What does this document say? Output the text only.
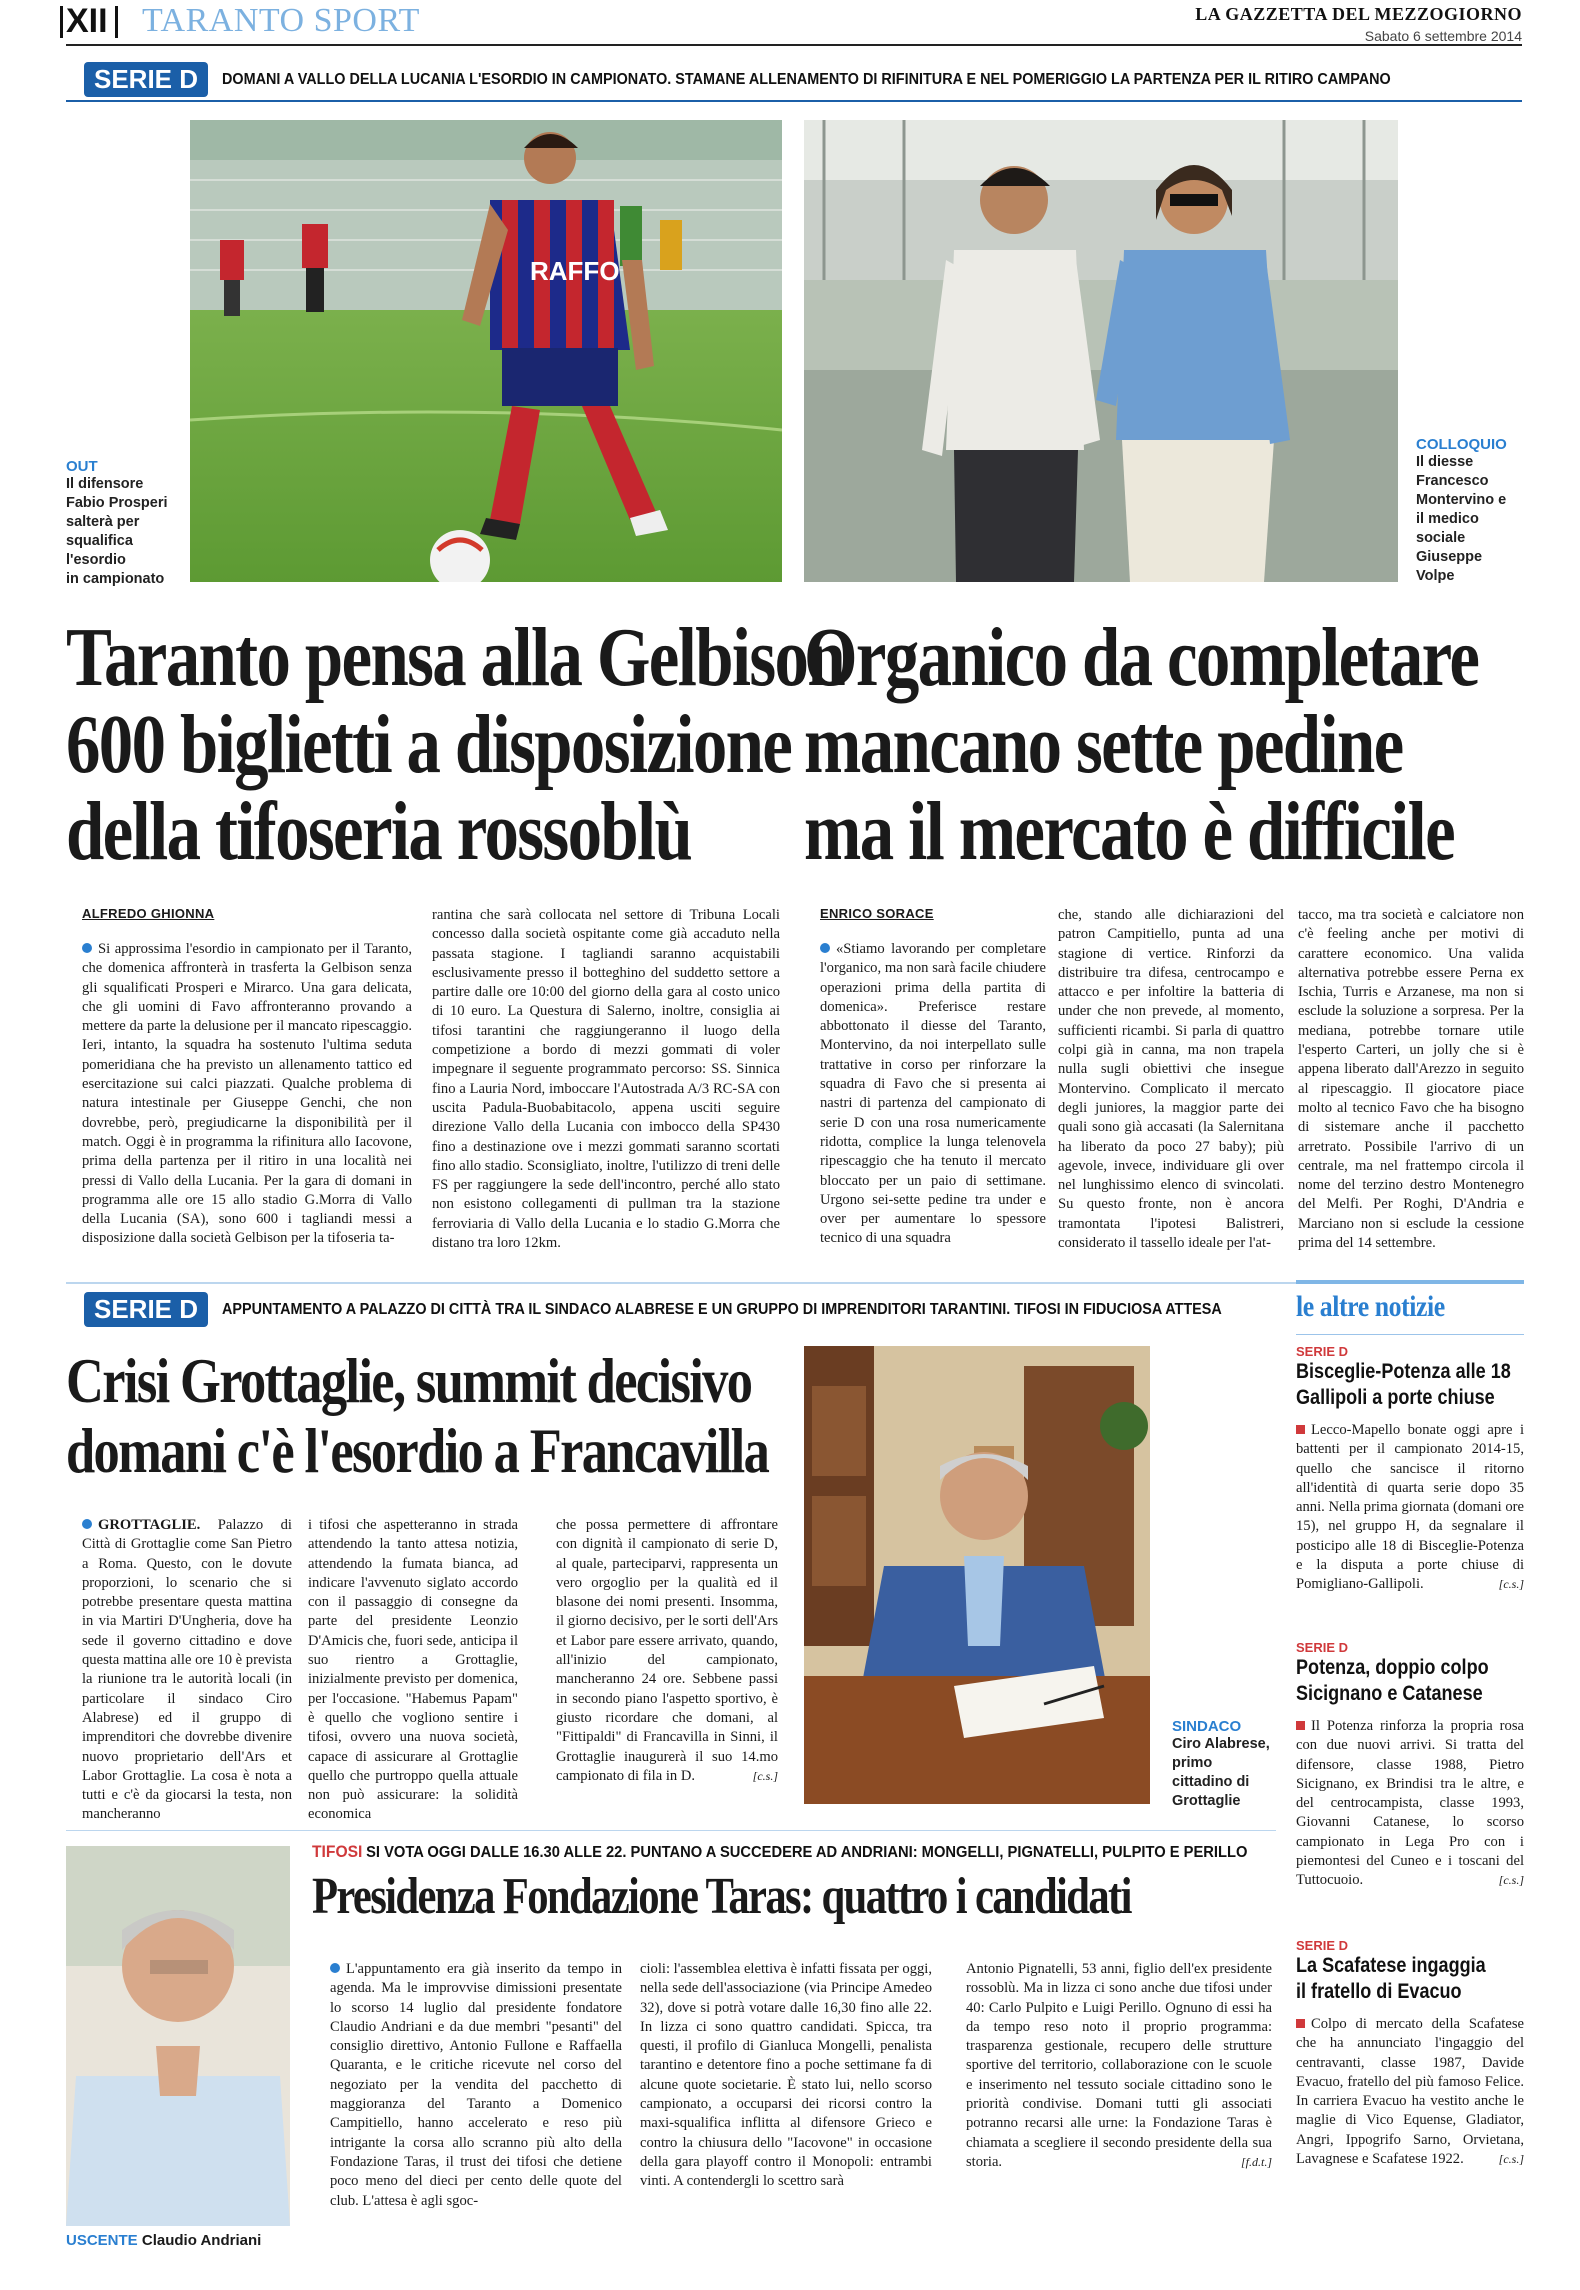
XII TARANTO SPORT	LA GAZZETTA DEL MEZZOGIORNO
Sabato 6 settembre 2014
SERIE D	DOMANI A VALLO DELLA LUCANIA L'ESORDIO IN CAMPIONATO. STAMANE ALLENAMENTO DI RIFINITURA E NEL POMERIGGIO LA PARTENZA PER IL RITIRO CAMPANO
RAFFO
OUT
Il difensore
Fabio Prosperi
salterà per
squalifica
l'esordio
in campionato
COLLOQUIO
Il diesse
Francesco
Montervino e
il medico
sociale
Giuseppe
Volpe
Taranto pensa alla Gelbison
600 biglietti a disposizione
della tifoseria rossoblù
Organico da completare
mancano sette pedine
ma il mercato è difficile
ALFREDO GHIONNA
Si approssima l'esordio in campionato per il Taranto, che domenica affronterà in trasferta la Gelbison senza gli squalificati Prosperi e Mirarco. Una gara delicata, che gli uomini di Favo affronteranno provando a mettere da parte la delusione per il mancato ripescaggio. Ieri, intanto, la squadra ha sostenuto l'ultima seduta pomeridiana che ha previsto un allenamento tattico ed esercitazione sui calci piazzati. Qualche problema di natura intestinale per Giuseppe Genchi, che non dovrebbe, però, pregiudicarne la disponibilità per il match. Oggi è in programma la rifinitura allo Iacovone, prima della partenza per il ritiro in una località nei pressi di Vallo della Lucania. Per la gara di domani in programma alle ore 15 allo stadio G.Morra di Vallo della Lucania (SA), sono 600 i tagliandi messi a disposizione dalla società Gelbison per la tifoseria ta-
rantina che sarà collocata nel settore di Tribuna Locali concesso dalla società ospitante come già accaduto nella passata stagione. I tagliandi saranno acquistabili esclusivamente presso il botteghino del suddetto settore a partire dalle ore 10:00 del giorno della gara al costo unico di 10 euro. La Questura di Salerno, inoltre, consiglia ai tifosi tarantini che raggiungeranno il luogo della competizione a bordo di mezzi gommati di voler impegnare il seguente programmato percorso: SS. Sinnica fino a Lauria Nord, imboccare l'Autostrada A/3 RC-SA con uscita Padula-Buobabitacolo, appena usciti seguire direzione Vallo della Lucania con imbocco della SP430 fino a destinazione ove i mezzi gommati saranno scortati fino allo stadio. Sconsigliato, inoltre, l'utilizzo di treni delle FS per raggiungere la sede dell'incontro, perché allo stato non esistono collegamenti di pullman tra la stazione ferroviaria di Vallo della Lucania e lo stadio G.Morra che distano tra loro 12km.
ENRICO SORACE
«Stiamo lavorando per completare l'organico, ma non sarà facile chiudere operazioni prima della partita di domenica». Preferisce restare abbottonato il diesse del Taranto, Montervino, da noi interpellato sulle trattative in corso per rinforzare la squadra di Favo che si presenta ai nastri di partenza del campionato di serie D con una rosa numericamente ridotta, complice la lunga telenovela ripescaggio che ha tenuto il mercato bloccato per un paio di settimane. Urgono sei-sette pedine tra under e over per aumentare lo spessore tecnico di una squadra
che, stando alle dichiarazioni del patron Campitiello, punta ad una stagione di vertice. Rinforzi da distribuire tra difesa, centrocampo e attacco e per infoltire la batteria di under che non prevede, al momento, sufficienti ricambi. Si parla di quattro colpi già in canna, ma non trapela nulla sugli obiettivi che insegue Montervino. Complicato il mercato degli juniores, la maggior parte dei quali sono già accasati (la Salernitana ha liberato da poco 27 baby); più agevole, invece, individuare gli over nel lunghissimo elenco di svincolati. Su questo fronte, non è ancora tramontata l'ipotesi Balistreri, considerato il tassello ideale per l'at-
tacco, ma tra società e calciatore non c'è feeling anche per motivi di carattere economico. Una valida alternativa potrebbe essere Perna ex Ischia, Turris e Arzanese, ma non si esclude la soluzione a sorpresa. Per la mediana, potrebbe tornare utile l'esperto Carteri, un jolly che si è appena liberato dall'Arezzo in seguito al ripescaggio. Il giocatore piace molto al tecnico Favo che ha bisogno di sistemare anche il pacchetto arretrato. Possibile l'arrivo di un centrale, ma nel frattempo circola il nome del terzino destro Montenegro del Melfi. Per Roghi, D'Andria e Marciano non si esclude la cessione prima del 14 settembre.
SERIE D	APPUNTAMENTO A PALAZZO DI CITTÀ TRA IL SINDACO ALABRESE E UN GRUPPO DI IMPRENDITORI TARANTINI. TIFOSI IN FIDUCIOSA ATTESA
Crisi Grottaglie, summit decisivo
domani c'è l'esordio a Francavilla
GROTTAGLIE. Palazzo di Città di Grottaglie come San Pietro a Roma. Questo, con le dovute proporzioni, lo scenario che si potrebbe presentare questa mattina in via Martiri D'Ungheria, dove ha sede il governo cittadino e dove questa mattina alle ore 10 è prevista la riunione tra le autorità locali (in particolare il sindaco Ciro Alabrese) ed il gruppo di imprenditori che dovrebbe divenire nuovo proprietario dell'Ars et Labor Grottaglie. La cosa è nota a tutti e c'è da giocarsi la testa, non mancheranno
i tifosi che aspetteranno in strada attendendo la tanto attesa notizia, attendendo la fumata bianca, ad indicare l'avvenuto siglato accordo con il passaggio di consegne da parte del presidente Leonzio D'Amicis che, fuori sede, anticipa il suo rientro a Grottaglie, inizialmente previsto per domenica, per l'occasione. "Habemus Papam" è quello che vogliono sentire i tifosi, ovvero una nuova società, capace di assicurare al Grottaglie quello che purtroppo quella attuale non può assicurare: la solidità economica
che possa permettere di affrontare con dignità il campionato di serie D, al quale, parteciparvi, rappresenta un vero orgoglio per la qualità ed il blasone dei nomi presenti. Insomma, il giorno decisivo, per le sorti dell'Ars et Labor pare essere arrivato, quando, all'inizio del campionato, mancheranno 24 ore. Sebbene passi in secondo piano l'aspetto sportivo, è giusto ricordare che domani, al "Fittipaldi" di Francavilla in Sinni, il Grottaglie inaugurerà il suo 14.mo campionato di fila in D.	[c.s.]
SINDACO
Ciro Alabrese,
primo
cittadino di
Grottaglie
le altre notizie
SERIE D
Bisceglie-Potenza alle 18
Gallipoli a porte chiuse
Lecco-Mapello bonate oggi apre i battenti per il campionato 2014-15, quello che sancisce il ritorno all'identità di quarta serie dopo 35 anni. Nella prima giornata (domani ore 15), nel gruppo H, da segnalare il posticipo alle 18 di Bisceglie-Potenza e la disputa a porte chiuse di Pomigliano-Gallipoli.	[c.s.]
SERIE D
Potenza, doppio colpo
Sicignano e Catanese
Il Potenza rinforza la propria rosa con due nuovi arrivi. Si tratta del difensore, classe 1988, Pietro Sicignano, ex Brindisi tra le altre, e del centrocampista, classe 1993, Giovanni Catanese, lo scorso campionato in Lega Pro con i piemontesi del Cuneo e i toscani del Tuttocuoio.	[c.s.]
SERIE D
La Scafatese ingaggia
il fratello di Evacuo
Colpo di mercato della Scafatese che ha annunciato l'ingaggio del centravanti, classe 1987, Davide Evacuo, fratello del più famoso Felice. In carriera Evacuo ha vestito anche le maglie di Vico Equense, Gladiator, Angri, Ippogrifo Sarno, Orvietana, Lavagnese e Scafatese 1922.	[c.s.]
USCENTE Claudio Andriani
TIFOSI SI VOTA OGGI DALLE 16.30 ALLE 22. PUNTANO A SUCCEDERE AD ANDRIANI: MONGELLI, PIGNATELLI, PULPITO E PERILLO
Presidenza Fondazione Taras: quattro i candidati
L'appuntamento era già inserito da tempo in agenda. Ma le improvvise dimissioni presentate lo scorso 14 luglio dal presidente fondatore Claudio Andriani e da due membri "pesanti" del consiglio direttivo, Antonio Fullone e Raffaella Quaranta, e le critiche ricevute nel corso del negoziato per la vendita del pacchetto di maggioranza del Taranto a Domenico Campitiello, hanno accelerato e reso più intrigante la corsa allo scranno più alto della Fondazione Taras, il trust dei tifosi che detiene poco meno del dieci per cento delle quote del club. L'attesa è agli sgoc-
cioli: l'assemblea elettiva è infatti fissata per oggi, nella sede dell'associazione (via Principe Amedeo 32), dove si potrà votare dalle 16,30 fino alle 22. In lizza ci sono quattro candidati. Spicca, tra questi, il profilo di Gianluca Mongelli, penalista tarantino e detentore fino a poche settimane fa di alcune quote societarie. È stato lui, nello scorso campionato, a occuparsi dei ricorsi contro la maxi-squalifica inflitta al difensore Grieco e contro la chiusura dello "Iacovone" in occasione della gara playoff contro il Monopoli: entrambi vinti. A contendergli lo scettro sarà
Antonio Pignatelli, 53 anni, figlio dell'ex presidente rossoblù. Ma in lizza ci sono anche due tifosi under 40: Carlo Pulpito e Luigi Perillo. Ognuno di essi ha da tempo reso noto il proprio programma: trasparenza gestionale, recupero delle strutture sportive del territorio, collaborazione con le scuole e inserimento nel tessuto sociale cittadino sono le priorità condivise. Domani tutti gli associati potranno recarsi alle urne: la Fondazione Taras è chiamata a scegliere il secondo presidente della sua storia.	[f.d.t.]
